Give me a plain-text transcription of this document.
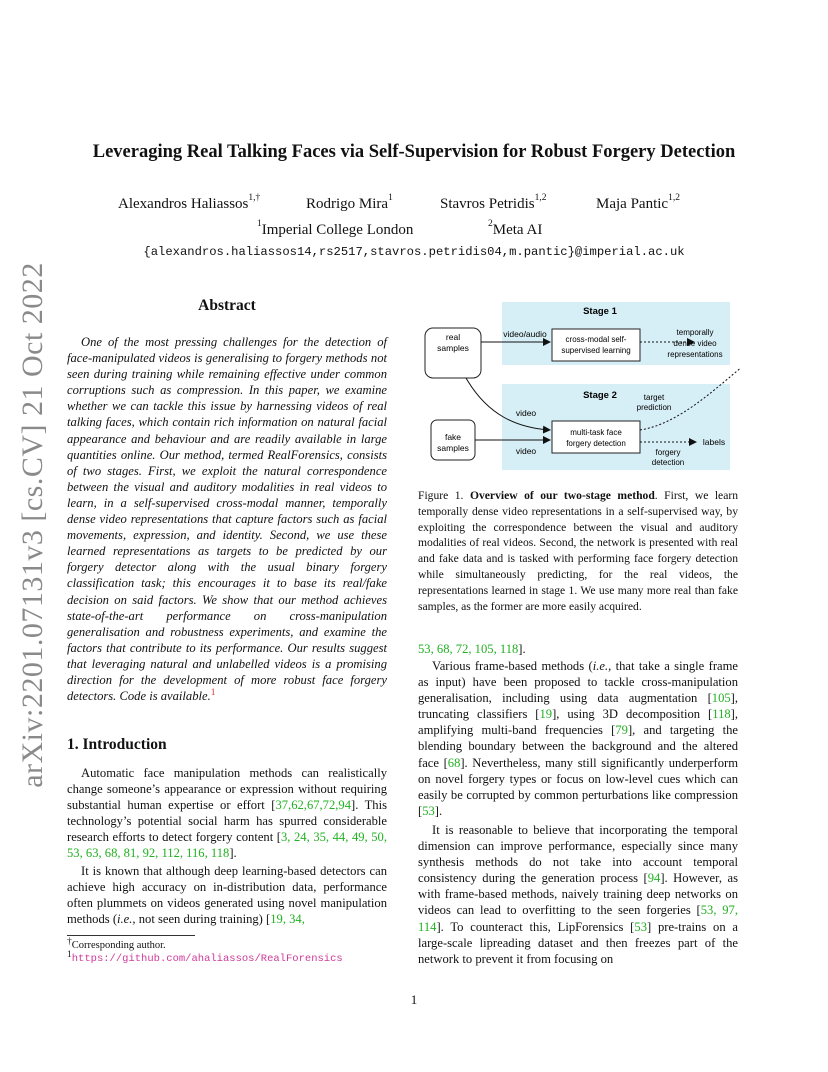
arXiv:2201.07131v3 [cs.CV] 21 Oct 2022
Leveraging Real Talking Faces via Self-Supervision for Robust Forgery Detection
Alexandros Haliassos$^{1,\dagger}$	Rodrigo Mira$^1$	Stavros Petridis$^{1,2}$	Maja Pantic$^{1,2}$
$^1$Imperial College London	$^2$Meta AI
{alexandros.haliassos14,rs2517,stavros.petridis04,m.pantic}@imperial.ac.uk
Abstract
One of the most pressing challenges for the detection of face-manipulated videos is generalising to forgery methods not seen during training while remaining effective under common corruptions such as compression. In this paper, we examine whether we can tackle this issue by harnessing videos of real talking faces, which contain rich information on natural facial appearance and behaviour and are readily available in large quantities online. Our method, termed RealForensics, consists of two stages. First, we exploit the natural correspondence between the visual and auditory modalities in real videos to learn, in a self-supervised cross-modal manner, temporally dense video representations that capture factors such as facial movements, expression, and identity. Second, we use these learned representations as targets to be predicted by our forgery detector along with the usual binary forgery classification task; this encourages it to base its real/fake decision on said factors. We show that our method achieves state-of-the-art performance on cross-manipulation generalisation and robustness experiments, and examine the factors that contribute to its performance. Our results suggest that leveraging natural and unlabelled videos is a promising direction for the development of more robust face forgery detectors. Code is available.$^1$
1. Introduction
Automatic face manipulation methods can realistically change someone’s appearance or expression without requiring substantial human expertise or effort [37,62,67,72,94]. This technology’s potential social harm has spurred considerable research efforts to detect forgery content [3, 24, 35, 44, 49, 50, 53, 63, 68, 81, 92, 112, 116, 118].
It is known that although deep learning-based detectors can achieve high accuracy on in-distribution data, performance often plummets on videos generated using novel manipulation methods (i.e., not seen during training) [19, 34,
†Corresponding author.
$^1$https://github.com/ahaliassos/RealForensics
Stage 1
Stage 2
real
samples
fake
samples
cross-modal self-
supervised learning
multi-task face
forgery detection
video/audio	temporally
dense video
representations
video
video
target
prediction
labels
forgery
detection
Figure 1. Overview of our two-stage method. First, we learn temporally dense video representations in a self-supervised way, by exploiting the correspondence between the visual and auditory modalities of real videos. Second, the network is presented with real and fake data and is tasked with performing face forgery detection while simultaneously predicting, for the real videos, the representations learned in stage 1. We use many more real than fake samples, as the former are more easily acquired.
53, 68, 72, 105, 118].
Various frame-based methods (i.e., that take a single frame as input) have been proposed to tackle cross-manipulation generalisation, including using data augmentation [105], truncating classifiers [19], using 3D decomposition [118], amplifying multi-band frequencies [79], and targeting the blending boundary between the background and the altered face [68]. Nevertheless, many still significantly underperform on novel forgery types or focus on low-level cues which can easily be corrupted by common perturbations like compression [53].
It is reasonable to believe that incorporating the temporal dimension can improve performance, especially since many synthesis methods do not take into account temporal consistency during the generation process [94]. However, as with frame-based methods, naively training deep networks on videos can lead to overfitting to the seen forgeries [53, 97, 114]. To counteract this, LipForensics [53] pre-trains on a large-scale lipreading dataset and then freezes part of the network to prevent it from focusing on
1
